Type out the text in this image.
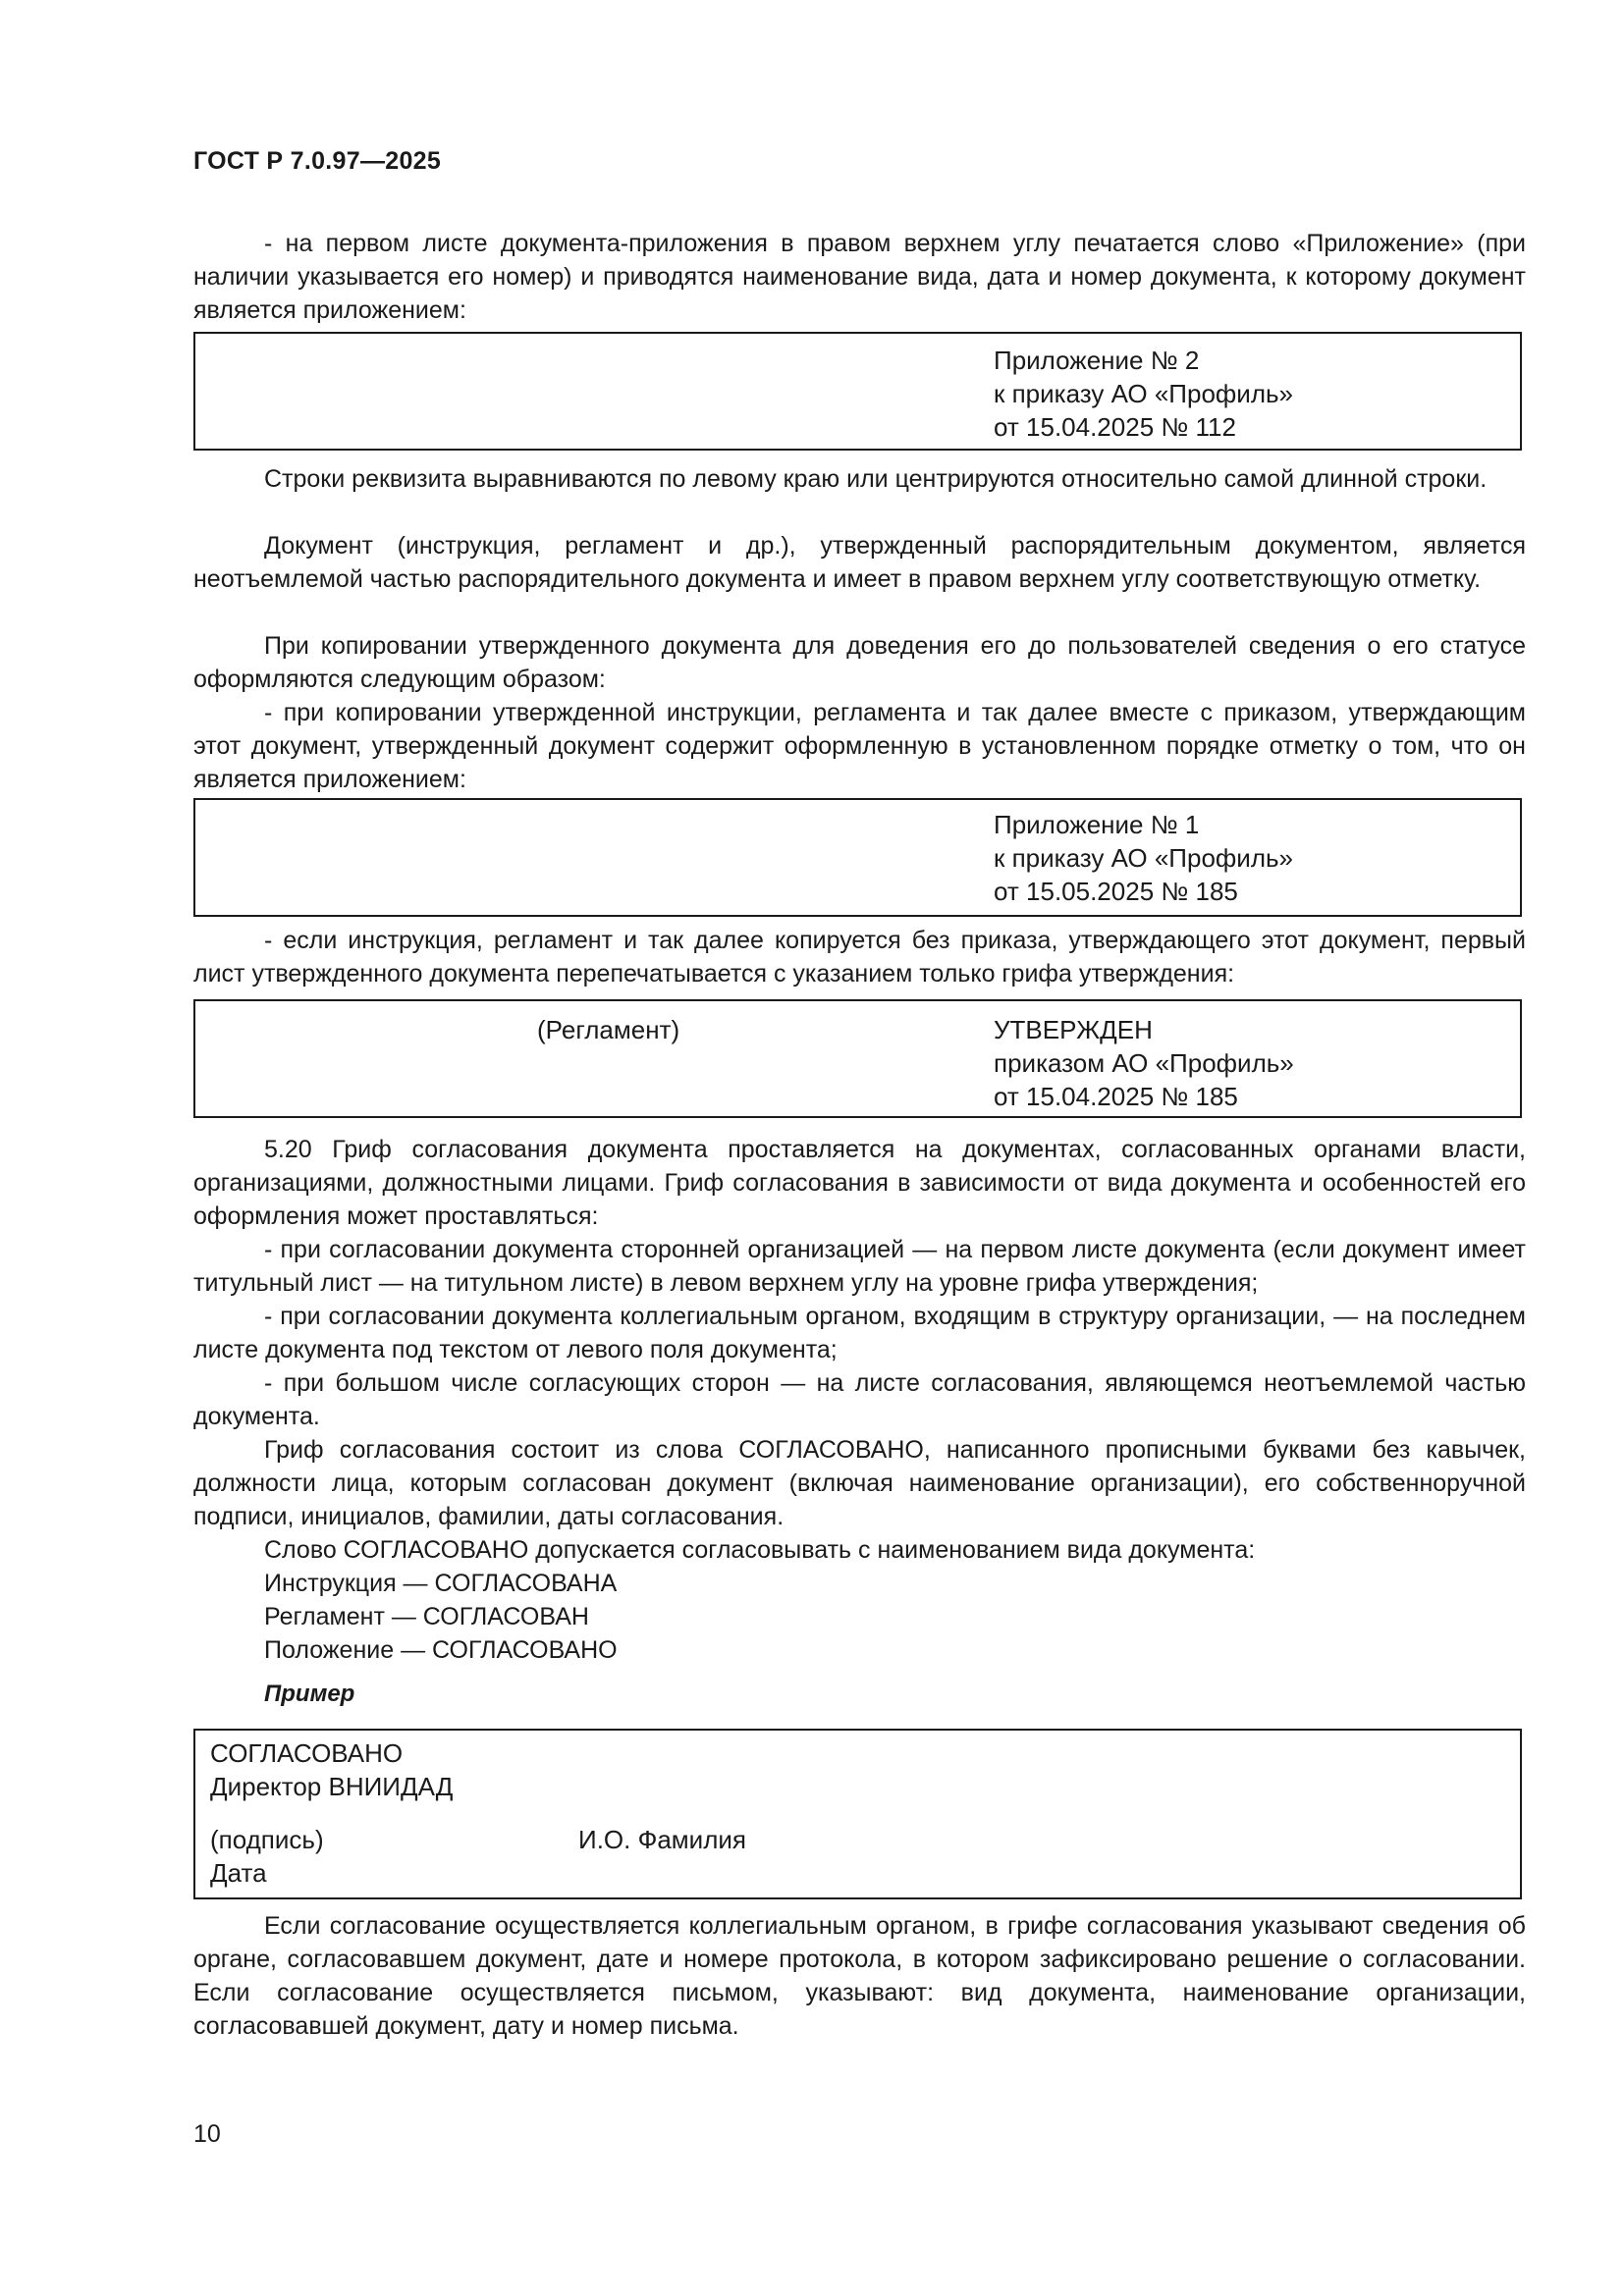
ГОСТ Р 7.0.97—2025
- на первом листе документа-приложения в правом верхнем углу печатается слово «Приложение» (при наличии указывается его номер) и приводятся наименование вида, дата и номер документа, к которому документ является приложением:
Приложение № 2
к приказу АО «Профиль»
от 15.04.2025 № 112
Строки реквизита выравниваются по левому краю или центрируются относительно самой длинной строки.
Документ (инструкция, регламент и др.), утвержденный распорядительным документом, является неотъемлемой частью распорядительного документа и имеет в правом верхнем углу соответствующую отметку.
При копировании утвержденного документа для доведения его до пользователей сведения о его статусе оформляются следующим образом:
- при копировании утвержденной инструкции, регламента и так далее вместе с приказом, утверждающим этот документ, утвержденный документ содержит оформленную в установленном порядке отметку о том, что он является приложением:
Приложение № 1
к приказу АО «Профиль»
от 15.05.2025 № 185
- если инструкция, регламент и так далее копируется без приказа, утверждающего этот документ, первый лист утвержденного документа перепечатывается с указанием только грифа утверждения:
(Регламент)	УТВЕРЖДЕН
приказом АО «Профиль»
от 15.04.2025 № 185
5.20 Гриф согласования документа проставляется на документах, согласованных органами власти, организациями, должностными лицами. Гриф согласования в зависимости от вида документа и особенностей его оформления может проставляться:
- при согласовании документа сторонней организацией — на первом листе документа (если документ имеет титульный лист — на титульном листе) в левом верхнем углу на уровне грифа утверждения;
- при согласовании документа коллегиальным органом, входящим в структуру организации, — на последнем листе документа под текстом от левого поля документа;
- при большом числе согласующих сторон — на листе согласования, являющемся неотъемлемой частью документа.
Гриф согласования состоит из слова СОГЛАСОВАНО, написанного прописными буквами без кавычек, должности лица, которым согласован документ (включая наименование организации), его собственноручной подписи, инициалов, фамилии, даты согласования.
Слово СОГЛАСОВАНО допускается согласовывать с наименованием вида документа:
Инструкция — СОГЛАСОВАНА
Регламент — СОГЛАСОВАН
Положение — СОГЛАСОВАНО
Пример
СОГЛАСОВАНО
Директор ВНИИДАД
(подпись)	И.О. Фамилия
Дата
Если согласование осуществляется коллегиальным органом, в грифе согласования указывают сведения об органе, согласовавшем документ, дате и номере протокола, в котором зафиксировано решение о согласовании. Если согласование осуществляется письмом, указывают: вид документа, наименование организации, согласовавшей документ, дату и номер письма.
10
